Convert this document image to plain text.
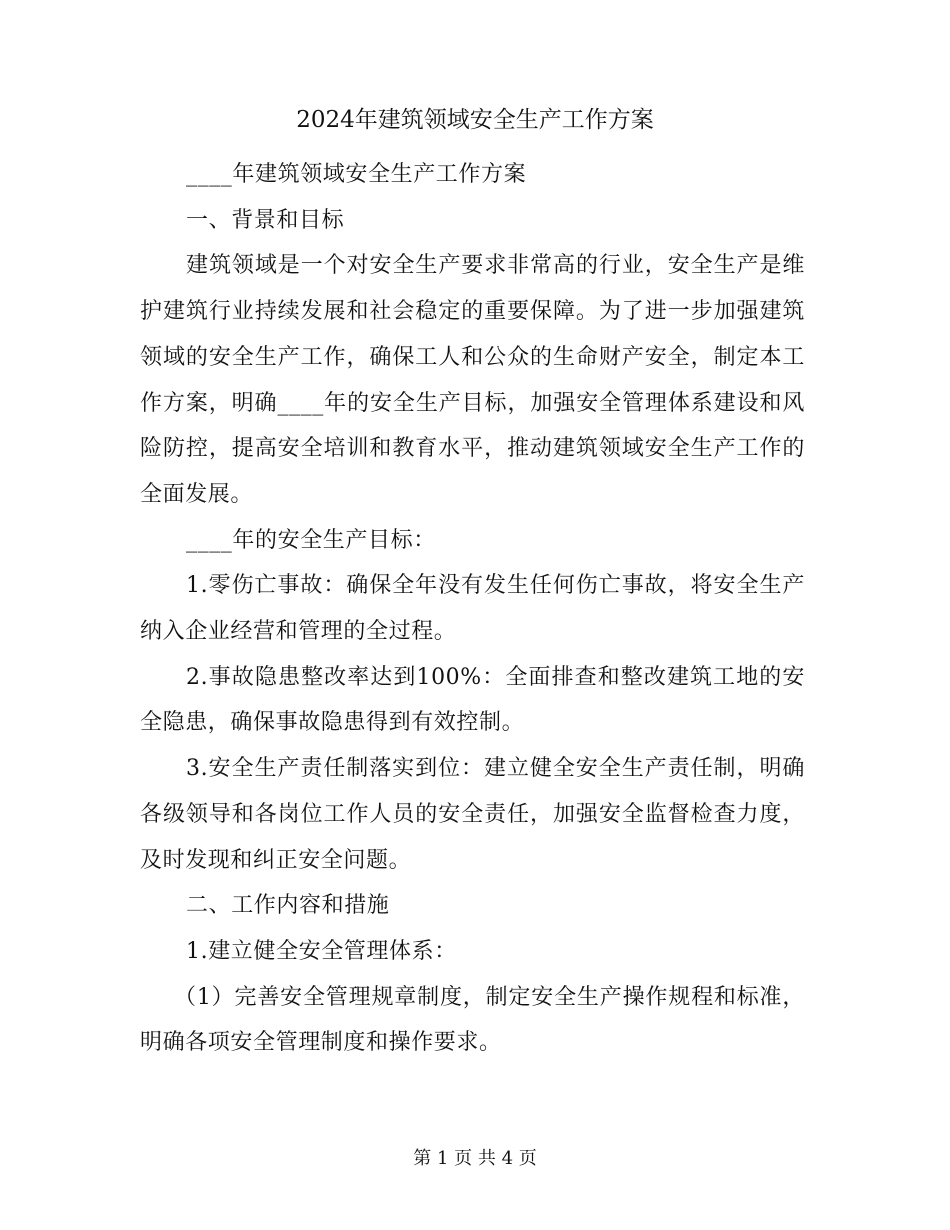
2024年建筑领域安全生产工作方案

____年建筑领域安全生产工作方案

一、背景和目标

建筑领域是一个对安全生产要求非常高的行业，安全生产是维护建筑行业持续发展和社会稳定的重要保障。为了进一步加强建筑领域的安全生产工作，确保工人和公众的生命财产安全，制定本工作方案，明确____年的安全生产目标，加强安全管理体系建设和风险防控，提高安全培训和教育水平，推动建筑领域安全生产工作的全面发展。

____年的安全生产目标：

1.零伤亡事故：确保全年没有发生任何伤亡事故，将安全生产纳入企业经营和管理的全过程。

2.事故隐患整改率达到100%：全面排查和整改建筑工地的安全隐患，确保事故隐患得到有效控制。

3.安全生产责任制落实到位：建立健全安全生产责任制，明确各级领导和各岗位工作人员的安全责任，加强安全监督检查力度，及时发现和纠正安全问题。

二、工作内容和措施

1.建立健全安全管理体系：

（1）完善安全管理规章制度，制定安全生产操作规程和标准，明确各项安全管理制度和操作要求。

第 1 页 共 4 页
